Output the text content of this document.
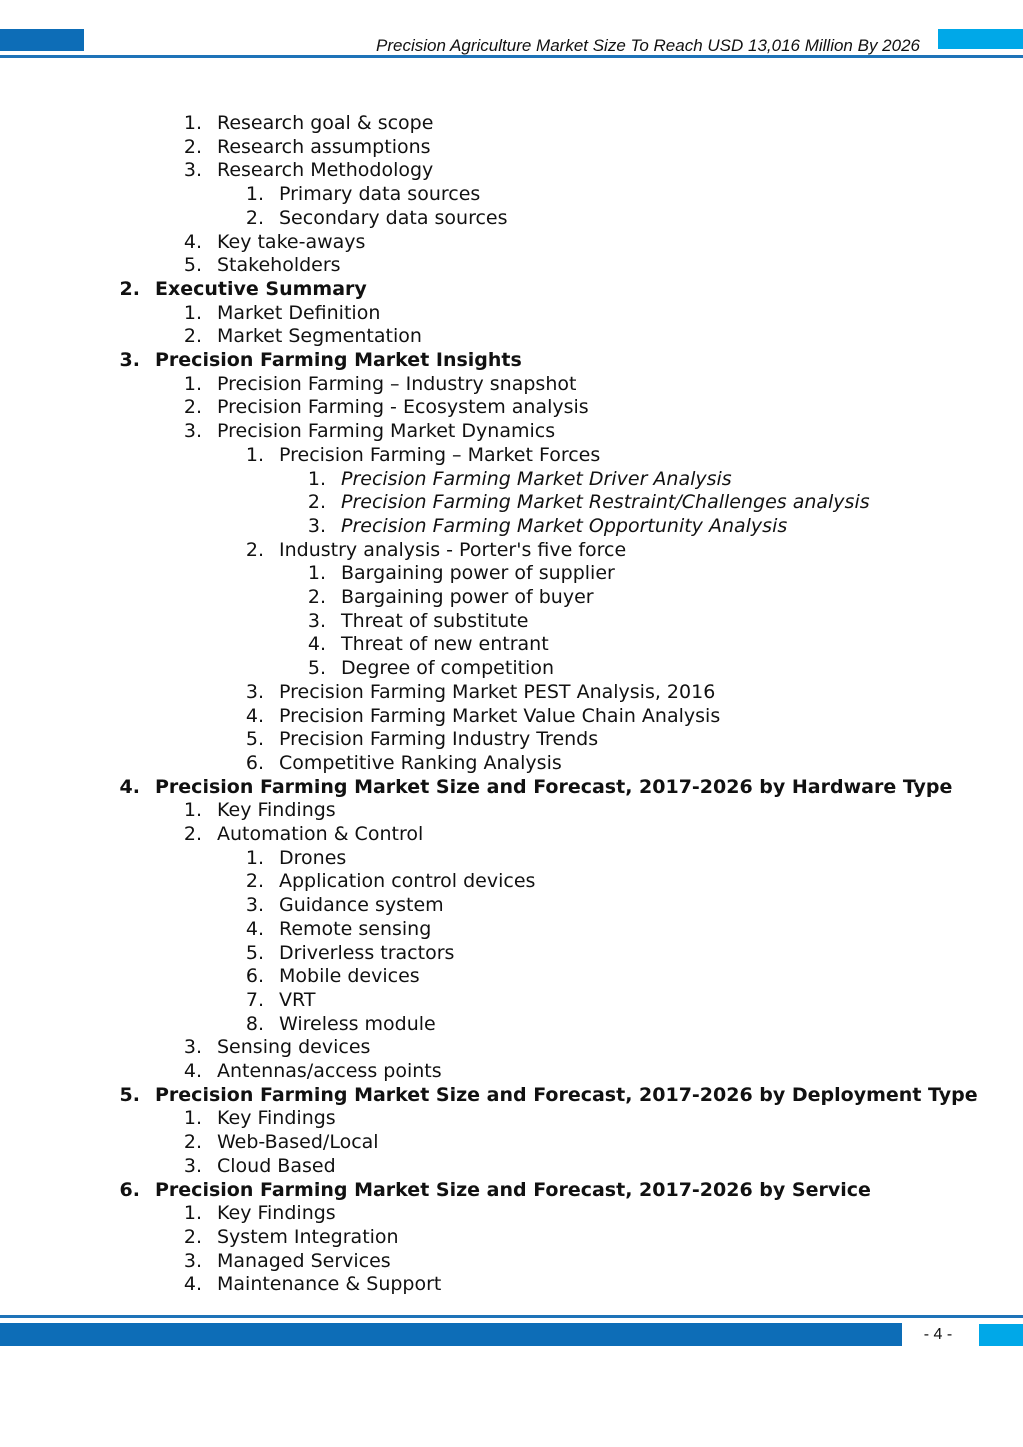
Precision Agriculture Market Size To Reach USD 13,016 Million By 2026
1. Research goal & scope
2. Research assumptions
3. Research Methodology
1. Primary data sources
2. Secondary data sources
4. Key take-aways
5. Stakeholders
2. Executive Summary
1. Market Definition
2. Market Segmentation
3. Precision Farming Market Insights
1. Precision Farming – Industry snapshot
2. Precision Farming - Ecosystem analysis
3. Precision Farming Market Dynamics
1. Precision Farming – Market Forces
1. Precision Farming Market Driver Analysis
2. Precision Farming Market Restraint/Challenges analysis
3. Precision Farming Market Opportunity Analysis
2. Industry analysis - Porter's five force
1. Bargaining power of supplier
2. Bargaining power of buyer
3. Threat of substitute
4. Threat of new entrant
5. Degree of competition
3. Precision Farming Market PEST Analysis, 2016
4. Precision Farming Market Value Chain Analysis
5. Precision Farming Industry Trends
6. Competitive Ranking Analysis
4. Precision Farming Market Size and Forecast, 2017-2026 by Hardware Type
1. Key Findings
2. Automation & Control
1. Drones
2. Application control devices
3. Guidance system
4. Remote sensing
5. Driverless tractors
6. Mobile devices
7. VRT
8. Wireless module
3. Sensing devices
4. Antennas/access points
5. Precision Farming Market Size and Forecast, 2017-2026 by Deployment Type
1. Key Findings
2. Web-Based/Local
3. Cloud Based
6. Precision Farming Market Size and Forecast, 2017-2026 by Service
1. Key Findings
2. System Integration
3. Managed Services
4. Maintenance & Support
- 4 -
